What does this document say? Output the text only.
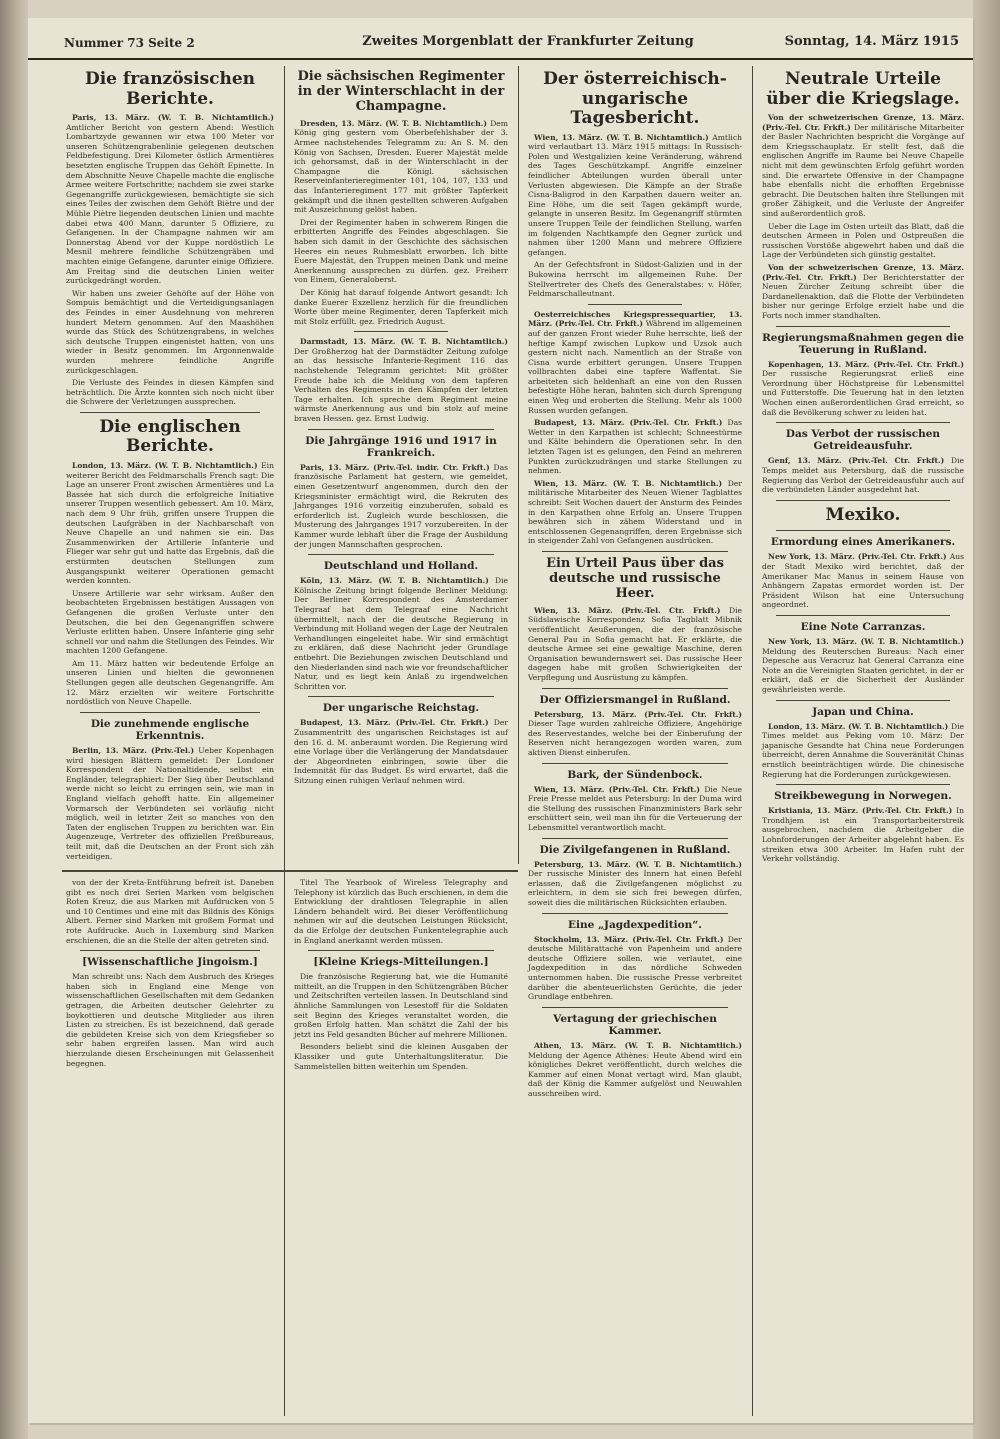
Nummer 73 Seite 2	Zweites Morgenblatt der Frankfurter Zeitung	Sonntag, 14. März 1915
Die französischen Berichte.

Paris, 13. März. (W. T. B. Nichtamtlich.) Amtlicher Bericht von gestern Abend: Westlich Lombartzyde gewannen wir etwa 100 Meter vor unseren Schützengrabenlinie gelegenen deutschen Feldbefestigung. Drei Kilometer östlich Armentières besetzten englische Truppen das Gehöft Epinette. In dem Abschnitte Neuve Chapelle machte die englische Armee weitere Fortschritte; nachdem sie zwei starke Gegenangriffe zurückgewiesen, bemächtigte sie sich eines Teiles der zwischen dem Gehöft Biètre und der Mühle Piètre liegenden deutschen Linien und machte dabei etwa 400 Mann, darunter 5 Offiziere, zu Gefangenen. In der Champagne nahmen wir am Donnerstag Abend vor der Kuppe nordöstlich Le Mesnil mehrere feindliche Schützengräben und machten einige Gefangene, darunter einige Offiziere. Am Freitag sind die deutschen Linien weiter zurückgedrängt worden.

Wir haben uns zweier Gehöfte auf der Höhe von Sompuis bemächtigt und die Verteidigungsanlagen des Feindes in einer Ausdehnung von mehreren hundert Metern genommen. Auf den Maashöhen wurde das Stück des Schützengrabens, in welches sich deutsche Truppen eingenistet hatten, von uns wieder in Besitz genommen. Im Argonnenwalde wurden mehrere feindliche Angriffe zurückgeschlagen.

Die Verluste des Feindes in diesen Kämpfen sind beträchtlich. Die Ärzte konnten sich noch nicht über die Schwere der Verletzungen aussprechen.

Die englischen Berichte.

London, 13. März. (W. T. B. Nichtamtlich.) Ein weiterer Bericht des Feldmarschalls French sagt: Die Lage an unserer Front zwischen Armentières und La Bassée hat sich durch die erfolgreiche Initiative unserer Truppen wesentlich gebessert. Am 10. März, nach dem 9 Uhr früh, griffen unsere Truppen die deutschen Laufgräben in der Nachbarschaft von Neuve Chapelle an und nahmen sie ein. Das Zusammenwirken der Artillerie Infanterie und Flieger war sehr gut und hatte das Ergebnis, daß die erstürmten deutschen Stellungen zum Ausgangspunkt weiterer Operationen gemacht werden konnten.

Unsere Artillerie war sehr wirksam. Außer den beobachteten Ergebnissen bestätigen Aussagen von Gefangenen die großen Verluste unter den Deutschen, die bei den Gegenangriffen schwere Verluste erlitten haben. Unsere Infanterie ging sehr schnell vor und nahm die Stellungen des Feindes. Wir machten 1200 Gefangene.

Am 11. März hatten wir bedeutende Erfolge an unseren Linien und hielten die gewonnenen Stellungen gegen alle deutschen Gegenangriffe. Am 12. März erzielten wir weitere Fortschritte nordöstlich von Neuve Chapelle.

Die zunehmende englische Erkenntnis.

Berlin, 13. März. (Priv.-Tel.) Ueber Kopenhagen wird hiesigen Blättern gemeldet: Der Londoner Korrespondent der Nationaltidende, selbst ein Engländer, telegraphiert: Der Sieg über Deutschland werde nicht so leicht zu erringen sein, wie man in England vielfach gehofft hatte. Ein allgemeiner Vormarsch der Verbündeten sei vorläufig nicht möglich, weil in letzter Zeit so manches von den Taten der englischen Truppen zu berichten war. Ein Augenzeuge, Vertreter des offiziellen Preßbureaus, teilt mit, daß die Deutschen an der Front sich zäh verteidigen.

Die sächsischen Regimenter in der Winterschlacht in der Champagne.

Dresden, 13. März. (W. T. B. Nichtamtlich.) Dem König ging gestern vom Oberbefehlshaber der 3. Armee nachstehendes Telegramm zu: An S. M. den König von Sachsen, Dresden. Euerer Majestät melde ich gehorsamst, daß in der Winterschlacht in der Champagne die Königl. sächsischen Reserveinfanterieregimenter 101, 104, 107, 133 und das Infanterieregiment 177 mit größter Tapferkeit gekämpft und die ihnen gestellten schweren Aufgaben mit Auszeichnung gelöst haben.

Drei der Regimenter haben in schwerem Ringen die erbitterten Angriffe des Feindes abgeschlagen. Sie haben sich damit in der Geschichte des sächsischen Heeres ein neues Ruhmesblatt erworben. Ich bitte Euere Majestät, den Truppen meinen Dank und meine Anerkennung aussprechen zu dürfen. gez. Freiherr von Einem, Generaloberst.

Der König hat darauf folgende Antwort gesandt: Ich danke Euerer Exzellenz herzlich für die freundlichen Worte über meine Regimenter, deren Tapferkeit mich mit Stolz erfüllt. gez. Friedrich August.

Darmstadt, 13. März. (W. T. B. Nichtamtlich.) Der Großherzog hat der Darmstädter Zeitung zufolge an das hessische Infanterie-Regiment 116 das nachstehende Telegramm gerichtet: Mit größter Freude habe ich die Meldung von dem tapferen Verhalten des Regiments in den Kämpfen der letzten Tage erhalten. Ich spreche dem Regiment meine wärmste Anerkennung aus und bin stolz auf meine braven Hessen. gez. Ernst Ludwig.

Die Jahrgänge 1916 und 1917 in Frankreich.

Paris, 13. März. (Priv.-Tel. indir. Ctr. Frkft.) Das französische Parlament hat gestern, wie gemeldet, einen Gesetzentwurf angenommen, durch den der Kriegsminister ermächtigt wird, die Rekruten des Jahrganges 1916 vorzeitig einzuberufen, sobald es erforderlich ist. Zugleich wurde beschlossen, die Musterung des Jahrganges 1917 vorzubereiten. In der Kammer wurde lebhaft über die Frage der Ausbildung der jungen Mannschaften gesprochen.

Deutschland und Holland.

Köln, 13. März. (W. T. B. Nichtamtlich.) Die Kölnische Zeitung bringt folgende Berliner Meldung: Der Berliner Korrespondent des Amsterdamer Telegraaf hat dem Telegraaf eine Nachricht übermittelt, nach der die deutsche Regierung in Verbindung mit Holland wegen der Lage der Neutralen Verhandlungen eingeleitet habe. Wir sind ermächtigt zu erklären, daß diese Nachricht jeder Grundlage entbehrt. Die Beziehungen zwischen Deutschland und den Niederlanden sind nach wie vor freundschaftlicher Natur, und es liegt kein Anlaß zu irgendwelchen Schritten vor.

Der ungarische Reichstag.

Budapest, 13. März. (Priv.-Tel. Ctr. Frkft.) Der Zusammentritt des ungarischen Reichstages ist auf den 16. d. M. anberaumt worden. Die Regierung wird eine Vorlage über die Verlängerung der Mandatsdauer der Abgeordneten einbringen, sowie über die Indemnität für das Budget. Es wird erwartet, daß die Sitzung einen ruhigen Verlauf nehmen wird.

Der österreichisch-ungarische Tagesbericht.

Wien, 13. März. (W. T. B. Nichtamtlich.) Amtlich wird verlautbart 13. März 1915 mittags: In Russisch-Polen und Westgalizien keine Veränderung, während des Tages Geschützkampf. Angriffe einzelner feindlicher Abteilungen wurden überall unter Verlusten abgewiesen. Die Kämpfe an der Straße Cisna-Baligrod in den Karpathen dauern weiter an. Eine Höhe, um die seit Tagen gekämpft wurde, gelangte in unseren Besitz. Im Gegenangriff stürmten unsere Truppen Teile der feindlichen Stellung, warfen im folgenden Nachtkampfe den Gegner zurück und nahmen über 1200 Mann und mehrere Offiziere gefangen.

An der Gefechtsfront in Südost-Galizien und in der Bukowina herrscht im allgemeinen Ruhe. Der Stellvertreter des Chefs des Generalstabes: v. Höfer, Feldmarschalleutnant.

Oesterreichisches Kriegspressequartier, 13. März. (Priv.-Tel. Ctr. Frkft.) Während im allgemeinen auf der ganzen Front wieder Ruhe herrschte, ließ der heftige Kampf zwischen Lupkow und Uzsok auch gestern nicht nach. Namentlich an der Straße von Cisna wurde erbittert gerungen. Unsere Truppen vollbrachten dabei eine tapfere Waffentat. Sie arbeiteten sich heldenhaft an eine von den Russen befestigte Höhe heran, bahnten sich durch Sprengung einen Weg und eroberten die Stellung. Mehr als 1000 Russen wurden gefangen.

Budapest, 13. März. (Priv.-Tel. Ctr. Frkft.) Das Wetter in den Karpathen ist schlecht; Schneestürme und Kälte behindern die Operationen sehr. In den letzten Tagen ist es gelungen, den Feind an mehreren Punkten zurückzudrängen und starke Stellungen zu nehmen.

Wien, 13. März. (W. T. B. Nichtamtlich.) Der militärische Mitarbeiter des Neuen Wiener Tagblattes schreibt: Seit Wochen dauert der Ansturm des Feindes in den Karpathen ohne Erfolg an. Unsere Truppen bewähren sich in zähem Widerstand und in entschlossenen Gegenangriffen, deren Ergebnisse sich in steigender Zahl von Gefangenen ausdrücken.

Ein Urteil Paus über das deutsche und russische Heer.

Wien, 13. März. (Priv.-Tel. Ctr. Frkft.) Die Südslawische Korrespondenz Sofia Tagblatt Mibnik veröffentlicht Aeußerungen, die der französische General Pau in Sofia gemacht hat. Er erklärte, die deutsche Armee sei eine gewaltige Maschine, deren Organisation bewundernswert sei. Das russische Heer dagegen habe mit großen Schwierigkeiten der Verpflegung und Ausrüstung zu kämpfen.

Der Offiziersmangel in Rußland.

Petersburg, 13. März. (Priv.-Tel. Ctr. Frkft.) Dieser Tage wurden zahlreiche Offiziere, Angehörige des Reservestandes, welche bei der Einberufung der Reserven nicht herangezogen worden waren, zum aktiven Dienst einberufen.

Bark, der Sündenbock.

Wien, 13. März. (Priv.-Tel. Ctr. Frkft.) Die Neue Freie Presse meldet aus Petersburg: In der Duma wird die Stellung des russischen Finanzministers Bark sehr erschüttert sein, weil man ihn für die Verteuerung der Lebensmittel verantwortlich macht.

Die Zivilgefangenen in Rußland.

Petersburg, 13. März. (W. T. B. Nichtamtlich.) Der russische Minister des Innern hat einen Befehl erlassen, daß die Zivilgefangenen möglichst zu erleichtern, in dem sie sich frei bewegen dürfen, soweit dies die militärischen Rücksichten erlauben.

Eine „Jagdexpedition“.

Stockholm, 13. März. (Priv.-Tel. Ctr. Frkft.) Der deutsche Militärattaché von Papenheim und andere deutsche Offiziere sollen, wie verlautet, eine Jagdexpedition in das nördliche Schweden unternommen haben. Die russische Presse verbreitet darüber die abenteuerlichsten Gerüchte, die jeder Grundlage entbehren.

Vertagung der griechischen Kammer.

Athen, 13. März. (W. T. B. Nichtamtlich.) Meldung der Agence Athènes: Heute Abend wird ein königliches Dekret veröffentlicht, durch welches die Kammer auf einen Monat vertagt wird. Man glaubt, daß der König die Kammer aufgelöst und Neuwahlen ausschreiben wird.

Neutrale Urteile über die Kriegslage.

Von der schweizerischen Grenze, 13. März. (Priv.-Tel. Ctr. Frkft.) Der militärische Mitarbeiter der Basler Nachrichten bespricht die Vorgänge auf dem Kriegsschauplatz. Er stellt fest, daß die englischen Angriffe im Raume bei Neuve Chapelle nicht mit dem gewünschten Erfolg geführt worden sind. Die erwartete Offensive in der Champagne habe ebenfalls nicht die erhofften Ergebnisse gebracht. Die Deutschen halten ihre Stellungen mit großer Zähigkeit, und die Verluste der Angreifer sind außerordentlich groß.

Ueber die Lage im Osten urteilt das Blatt, daß die deutschen Armeen in Polen und Ostpreußen die russischen Vorstöße abgewehrt haben und daß die Lage der Verbündeten sich günstig gestaltet.

Von der schweizerischen Grenze, 13. März. (Priv.-Tel. Ctr. Frkft.) Der Berichterstatter der Neuen Zürcher Zeitung schreibt über die Dardanellenaktion, daß die Flotte der Verbündeten bisher nur geringe Erfolge erzielt habe und die Forts noch immer standhalten.

Regierungsmaßnahmen gegen die Teuerung in Rußland.

Kopenhagen, 13. März. (Priv.-Tel. Ctr. Frkft.) Der russische Regierungsrat erließ eine Verordnung über Höchstpreise für Lebensmittel und Futterstoffe. Die Teuerung hat in den letzten Wochen einen außerordentlichen Grad erreicht, so daß die Bevölkerung schwer zu leiden hat.

Das Verbot der russischen Getreideausfuhr.

Genf, 13. März. (Priv.-Tel. Ctr. Frkft.) Die Temps meldet aus Petersburg, daß die russische Regierung das Verbot der Getreideausfuhr auch auf die verbündeten Länder ausgedehnt hat.

Mexiko.
Ermordung eines Amerikaners.

New York, 13. März. (Priv.-Tel. Ctr. Frkft.) Aus der Stadt Mexiko wird berichtet, daß der Amerikaner Mac Manus in seinem Hause von Anhängern Zapatas ermordet worden ist. Der Präsident Wilson hat eine Untersuchung angeordnet.

Eine Note Carranzas.

New York, 13. März. (W. T. B. Nichtamtlich.) Meldung des Reuterschen Bureaus: Nach einer Depesche aus Veracruz hat General Carranza eine Note an die Vereinigten Staaten gerichtet, in der er erklärt, daß er die Sicherheit der Ausländer gewährleisten werde.

Japan und China.

London, 13. März. (W. T. B. Nichtamtlich.) Die Times meldet aus Peking vom 10. März: Der japanische Gesandte hat China neue Forderungen überreicht, deren Annahme die Souveränität Chinas ernstlich beeinträchtigen würde. Die chinesische Regierung hat die Forderungen zurückgewiesen.

Streikbewegung in Norwegen.

Kristiania, 13. März. (Priv.-Tel. Ctr. Frkft.) In Trondhjem ist ein Transportarbeiterstreik ausgebrochen, nachdem die Arbeitgeber die Lohnforderungen der Arbeiter abgelehnt haben. Es streiken etwa 300 Arbeiter. Im Hafen ruht der Verkehr vollständig.

von der der Kreta-Entführung befreit ist. Daneben gibt es noch drei Serien Marken vom belgischen Roten Kreuz, die aus Marken mit Aufdrucken von 5 und 10 Centimes und eine mit das Bildnis des Königs Albert. Ferner sind Marken mit großem Format und rote Aufdrucke. Auch in Luxemburg sind Marken erschienen, die an die Stelle der alten getreten sind.

[Wissenschaftliche Jingoism.]

Man schreibt uns: Nach dem Ausbruch des Krieges haben sich in England eine Menge von wissenschaftlichen Gesellschaften mit dem Gedanken getragen, die Arbeiten deutscher Gelehrter zu boykottieren und deutsche Mitglieder aus ihren Listen zu streichen. Es ist bezeichnend, daß gerade die gebildeten Kreise sich von dem Kriegsfieber so sehr haben ergreifen lassen. Man wird auch hierzulande diesen Erscheinungen mit Gelassenheit begegnen.

Titel The Yearbook of Wireless Telegraphy and Telephony ist kürzlich das Buch erschienen, in dem die Entwicklung der drahtlosen Telegraphie in allen Ländern behandelt wird. Bei dieser Veröffentlichung nehmen wir auf die deutschen Leistungen Rücksicht, da die Erfolge der deutschen Funkentelegraphie auch in England anerkannt werden müssen.

[Kleine Kriegs-Mitteilungen.]

Die französische Regierung hat, wie die Humanité mitteilt, an die Truppen in den Schützengräben Bücher und Zeitschriften verteilen lassen. In Deutschland sind ähnliche Sammlungen von Lesestoff für die Soldaten seit Beginn des Krieges veranstaltet worden, die großen Erfolg hatten. Man schätzt die Zahl der bis jetzt ins Feld gesandten Bücher auf mehrere Millionen.

Besonders beliebt sind die kleinen Ausgaben der Klassiker und gute Unterhaltungsliteratur. Die Sammelstellen bitten weiterhin um Spenden.
